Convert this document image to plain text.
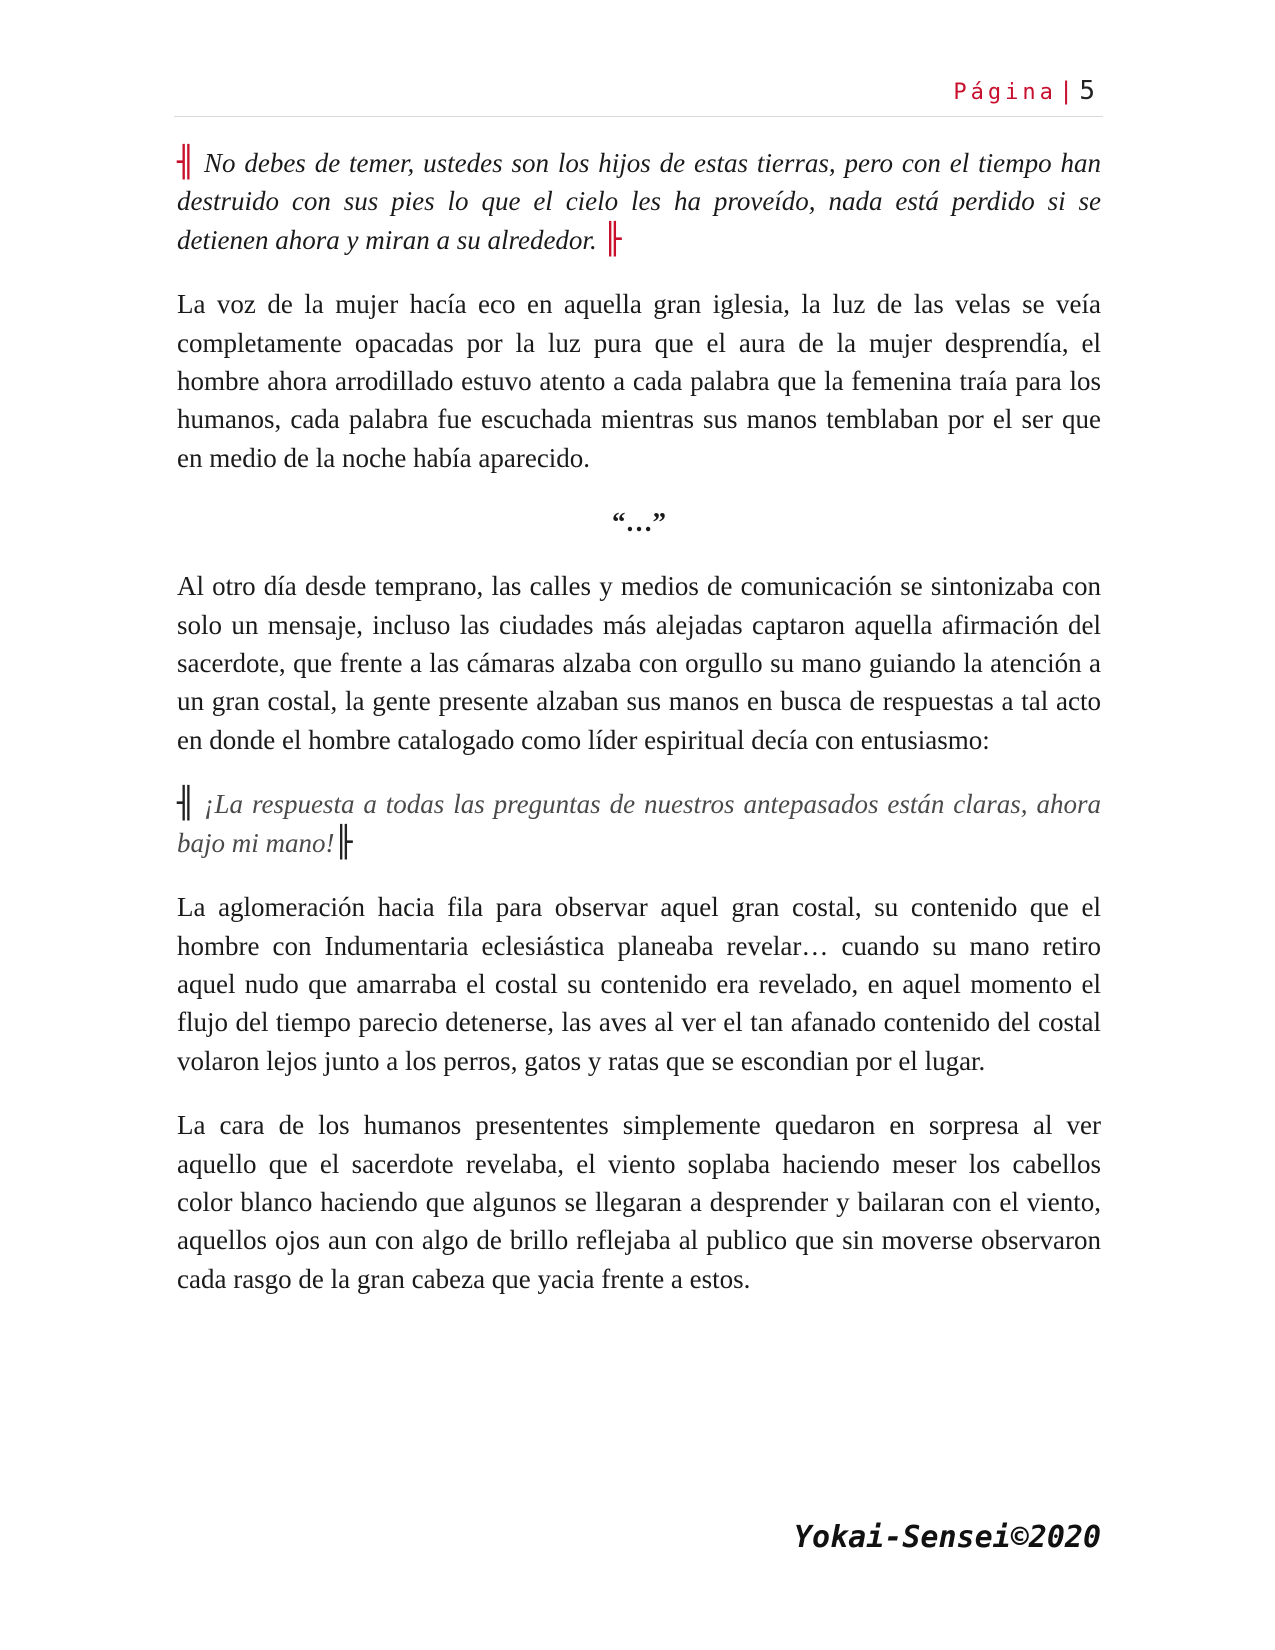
Página|5

╢ No debes de temer, ustedes son los hijos de estas tierras, pero con el tiempo han destruido con sus pies lo que el cielo les ha proveído, nada está perdido si se detienen ahora y miran a su alrededor. ╟

La voz de la mujer hacía eco en aquella gran iglesia, la luz de las velas se veía completamente opacadas por la luz pura que el aura de la mujer desprendía, el hombre ahora arrodillado estuvo atento a cada palabra que la femenina traía para los humanos, cada palabra fue escuchada mientras sus manos temblaban por el ser que en medio de la noche había aparecido.

“…”

Al otro día desde temprano, las calles y medios de comunicación se sintonizaba con solo un mensaje, incluso las ciudades más alejadas captaron aquella afirmación del sacerdote, que frente a las cámaras alzaba con orgullo su mano guiando la atención a un gran costal, la gente presente alzaban sus manos en busca de respuestas a tal acto en donde el hombre catalogado como líder espiritual decía con entusiasmo:

╢ ¡La respuesta a todas las preguntas de nuestros antepasados están claras, ahora bajo mi mano!╟

La aglomeración hacia fila para observar aquel gran costal, su contenido que el hombre con Indumentaria eclesiástica planeaba revelar… cuando su mano retiro aquel nudo que amarraba el costal su contenido era revelado, en aquel momento el flujo del tiempo parecio detenerse, las aves al ver el tan afanado contenido del costal volaron lejos junto a los perros, gatos y ratas que se escondian por el lugar.

La cara de los humanos presententes simplemente quedaron en sorpresa al ver aquello que el sacerdote revelaba, el viento soplaba haciendo meser los cabellos color blanco haciendo que algunos se llegaran a desprender y bailaran con el viento, aquellos ojos aun con algo de brillo reflejaba al publico que sin moverse observaron cada rasgo de la gran cabeza que yacia frente a estos.

Yokai-Sensei©2020
